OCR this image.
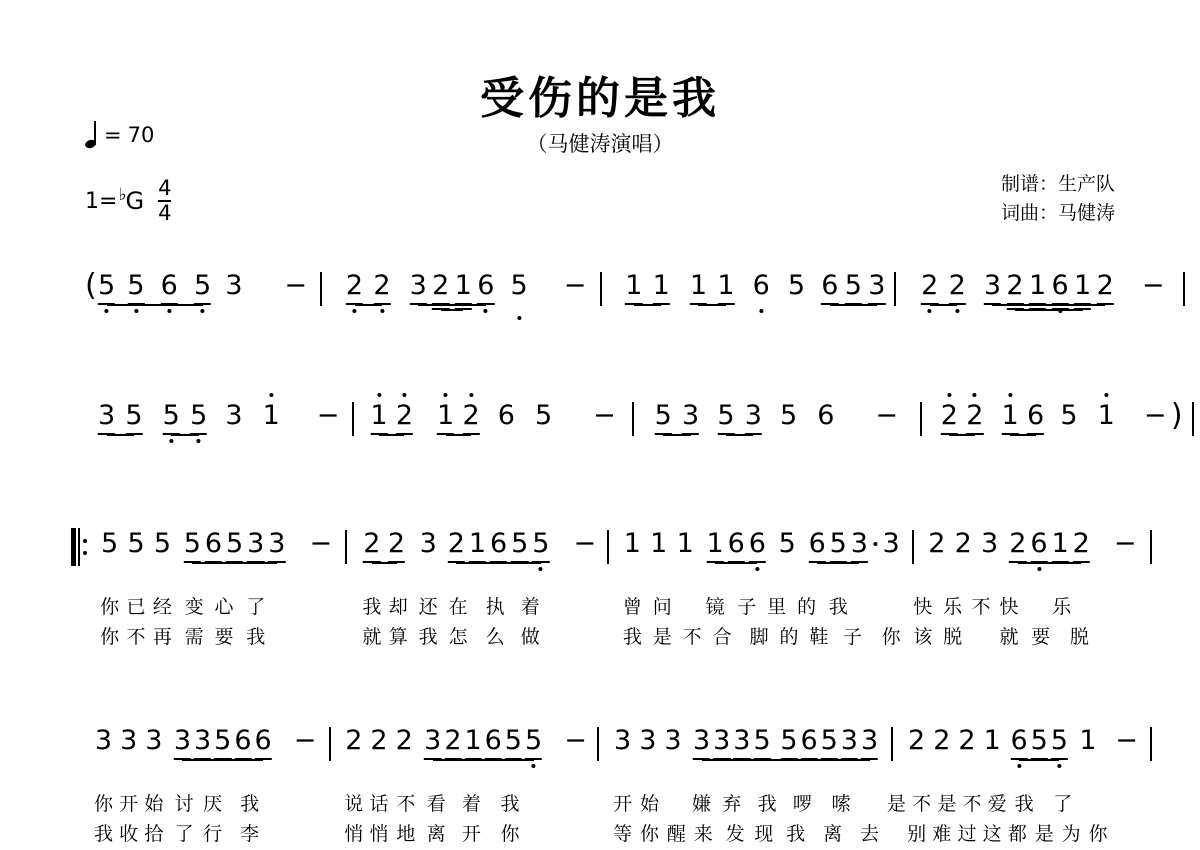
受伤的是我
（马健涛演唱）
= 70
1= ♭ G $\frac{4}{4}$	制谱：生产队
词曲：马健涛
( 5 5 6 5 3 − 2 2 3 2 1 6 5 − 1 1 1 1 6 5 6 5 3 2 2 3 2 1 6 1 2 −
)
3 5 5 5 3 1 − 1 2 1 2 6 5 − 5 3 5 3 5 6 − 2 2 1 6 5 1 −
5 5 5 5 6 5 3 3 − 2 2 3 2 1 6 5 5 − 1 1 1 1 6 6 5 6 5 3 3 2 2 3 2 6 1 2 −
你 已 经 变 心 了	我 却 还 在 执 着	曾 问 镜 子 里 的 我	快 乐 不 快 乐
你 不 再 需 要 我	就 算 我 怎 么 做	我 是 不 合 脚 的 鞋 子 你 该 脱 就 要 脱
3 3 3 3 3 5 6 6 − 2 2 2 3 2 1 6 5 5 − 3 3 3 3 3 3 5 5 6 5 3 3 2 2 2 1 6 5 5 1 −
你 开 始 讨 厌 我	说 话 不 看 着 我	开 始 嫌 弃 我 啰 嗦 是 不 是 不 爱 我 了
我 收 拾 了 行 李	悄 悄 地 离 开 你	等 你 醒 来 发 现 我 离 去 别 难 过 这 都 是 为 你
